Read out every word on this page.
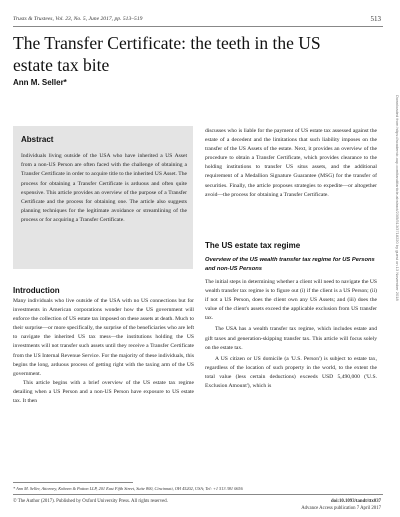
Trusts & Trustees, Vol. 23, No. 5, June 2017, pp. 513–519	513
The Transfer Certificate: the teeth in the US estate tax bite
Ann M. Seller*
Abstract
Individuals living outside of the USA who have inherited a US Asset from a non-US Person are often faced with the challenge of obtaining a Transfer Certificate in order to acquire title to the inherited US Asset. The process for obtaining a Transfer Certificate is arduous and often quite expensive. This article provides an overview of the purpose of a Transfer Certificate and the process for obtaining one. The article also suggests planning techniques for the legitimate avoidance or streamlining of the process or for acquiring a Transfer Certificate.
Introduction

Many individuals who live outside of the USA with no US connections but for investments in American corporations wonder how the US government will enforce the collection of US estate tax imposed on these assets at death. Much to their surprise—or more specifically, the surprise of the beneficiaries who are left to navigate the inherited US tax mess—the institutions holding the US investments will not transfer such assets until they receive a Transfer Certificate from the US Internal Revenue Service. For the majority of these individuals, this begins the long, arduous process of getting right with the taxing arm of the US government.

This article begins with a brief overview of the US estate tax regime detailing when a US Person and a non-US Person have exposure to US estate tax. It then

discusses who is liable for the payment of US estate tax assessed against the estate of a decedent and the limitations that such liability imposes on the transfer of the US Assets of the estate. Next, it provides an overview of the procedure to obtain a Transfer Certificate, which provides clearance to the holding institutions to transfer US situs assets, and the additional requirement of a Medallion Signature Guarantee (MSG) for the transfer of securities. Finally, the article proposes strategies to expedite—or altogether avoid—the process for obtaining a Transfer Certificate.
The US estate tax regime
Overview of the US wealth transfer tax regime for US Persons and non-US Persons

The initial steps in determining whether a client will need to navigate the US wealth transfer tax regime is to figure out (i) if the client is a US Person; (ii) if not a US Person, does the client own any US Assets; and (iii) does the value of the client's assets exceed the applicable exclusion from US transfer tax.

The USA has a wealth transfer tax regime, which includes estate and gift taxes and generation-skipping transfer tax. This article will focus solely on the estate tax.

A US citizen or US domicile (a 'U.S. Person') is subject to estate tax, regardless of the location of such property in the world, to the extent the total value (less certain deductions) exceeds USD 5,490,000 ('U.S. Exclusion Amount'), which is

Downloaded from https://academic.oup.com/tandt/article-abstract/23/5/513/3718220 by guest on 13 November 2018
* Ann M. Seller, Attorney, Kohnen & Patton LLP, 201 East Fifth Street, Suite 800, Cincinnati, OH 45202, USA; Tel: +1 513 381 0656
© The Author (2017). Published by Oxford University Press. All rights reserved.	doi:10.1093/tandt/ttx037
Advance Access publication 7 April 2017
